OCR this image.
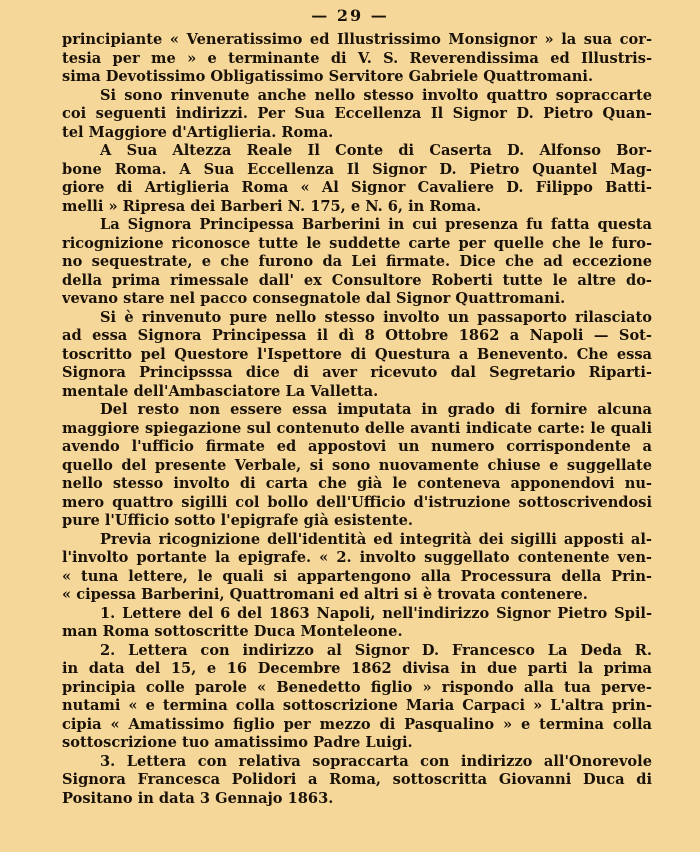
— 29 —
principiante « Veneratissimo ed Illustrissimo Monsignor » la sua cor-
tesia per me » e terminante di V. S. Reverendissima ed Illustris-
sima Devotissimo Obligatissimo Servitore Gabriele Quattromani.
Si sono rinvenute anche nello stesso involto quattro sopraccarte
coi seguenti indirizzi. Per Sua Eccellenza Il Signor D. Pietro Quan-
tel Maggiore d'Artiglieria. Roma.
A Sua Altezza Reale Il Conte di Caserta D. Alfonso Bor-
bone Roma. A Sua Eccellenza Il Signor D. Pietro Quantel Mag-
giore di Artiglieria Roma « Al Signor Cavaliere D. Filippo Batti-
melli » Ripresa dei Barberi N. 175, e N. 6, in Roma.
La Signora Principessa Barberini in cui presenza fu fatta questa
ricognizione riconosce tutte le suddette carte per quelle che le furo-
no sequestrate, e che furono da Lei firmate. Dice che ad eccezione
della prima rimessale dall' ex Consultore Roberti tutte le altre do-
vevano stare nel pacco consegnatole dal Signor Quattromani.
Si è rinvenuto pure nello stesso involto un passaporto rilasciato
ad essa Signora Principessa il dì 8 Ottobre 1862 a Napoli — Sot-
toscritto pel Questore l'Ispettore di Questura a Benevento. Che essa
Signora Principsssa dice di aver ricevuto dal Segretario Riparti-
mentale dell'Ambasciatore La Valletta.
Del resto non essere essa imputata in grado di fornire alcuna
maggiore spiegazione sul contenuto delle avanti indicate carte: le quali
avendo l'ufficio firmate ed appostovi un numero corrispondente a
quello del presente Verbale, si sono nuovamente chiuse e suggellate
nello stesso involto di carta che già le conteneva apponendovi nu-
mero quattro sigilli col bollo dell'Ufficio d'istruzione sottoscrivendosi
pure l'Ufficio sotto l'epigrafe già esistente.
Previa ricognizione dell'identità ed integrità dei sigilli apposti al-
l'involto portante la epigrafe. « 2. involto suggellato contenente ven-
« tuna lettere, le quali si appartengono alla Processura della Prin-
« cipessa Barberini, Quattromani ed altri si è trovata contenere.
1. Lettere del 6 del 1863 Napoli, nell'indirizzo Signor Pietro Spil-
man Roma sottoscritte Duca Monteleone.
2. Lettera con indirizzo al Signor D. Francesco La Deda R.
in data del 15, e 16 Decembre 1862 divisa in due parti la prima
principia colle parole « Benedetto figlio » rispondo alla tua perve-
nutami « e termina colla sottoscrizione Maria Carpaci » L'altra prin-
cipia « Amatissimo figlio per mezzo di Pasqualino » e termina colla
sottoscrizione tuo amatissimo Padre Luigi.
3. Lettera con relativa sopraccarta con indirizzo all'Onorevole
Signora Francesca Polidori a Roma, sottoscritta Giovanni Duca di
Positano in data 3 Gennajo 1863.
